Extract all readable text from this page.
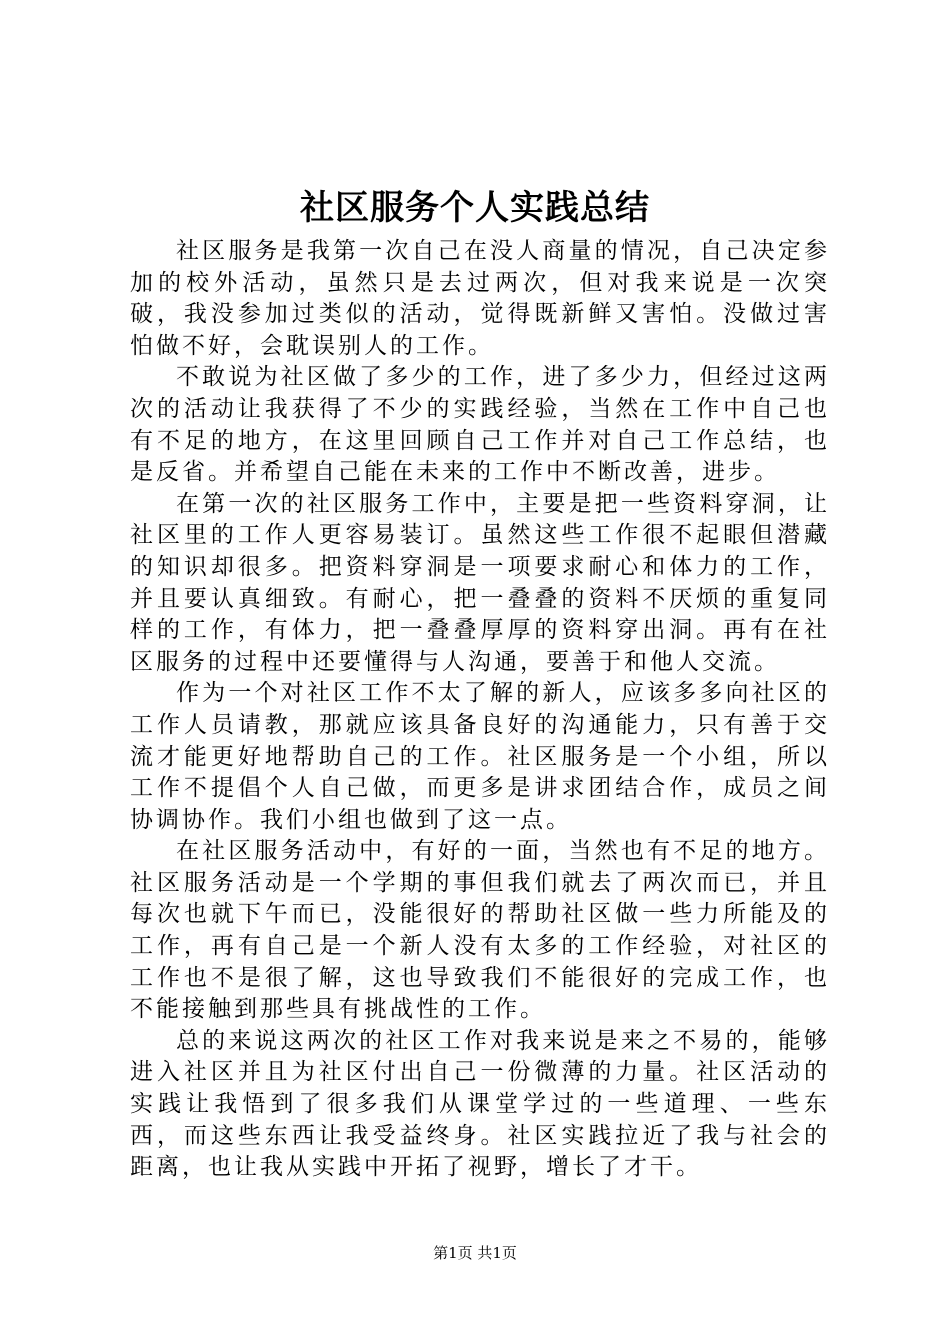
社区服务个人实践总结

社区服务是我第一次自己在没人商量的情况，自己决定参加的校外活动，虽然只是去过两次，但对我来说是一次突破，我没参加过类似的活动，觉得既新鲜又害怕。没做过害怕做不好，会耽误别人的工作。

不敢说为社区做了多少的工作，进了多少力，但经过这两次的活动让我获得了不少的实践经验，当然在工作中自己也有不足的地方，在这里回顾自己工作并对自己工作总结，也是反省。并希望自己能在未来的工作中不断改善，进步。

在第一次的社区服务工作中，主要是把一些资料穿洞，让社区里的工作人更容易装订。虽然这些工作很不起眼但潜藏的知识却很多。把资料穿洞是一项要求耐心和体力的工作，并且要认真细致。有耐心，把一叠叠的资料不厌烦的重复同样的工作，有体力，把一叠叠厚厚的资料穿出洞。再有在社区服务的过程中还要懂得与人沟通，要善于和他人交流。

作为一个对社区工作不太了解的新人，应该多多向社区的工作人员请教，那就应该具备良好的沟通能力，只有善于交流才能更好地帮助自己的工作。社区服务是一个小组，所以工作不提倡个人自己做，而更多是讲求团结合作，成员之间协调协作。我们小组也做到了这一点。

在社区服务活动中，有好的一面，当然也有不足的地方。社区服务活动是一个学期的事但我们就去了两次而已，并且每次也就下午而已，没能很好的帮助社区做一些力所能及的工作，再有自己是一个新人没有太多的工作经验，对社区的工作也不是很了解，这也导致我们不能很好的完成工作，也不能接触到那些具有挑战性的工作。

总的来说这两次的社区工作对我来说是来之不易的，能够进入社区并且为社区付出自己一份微薄的力量。社区活动的实践让我悟到了很多我们从课堂学过的一些道理、一些东西，而这些东西让我受益终身。社区实践拉近了我与社会的距离，也让我从实践中开拓了视野，增长了才干。

第1页 共1页
